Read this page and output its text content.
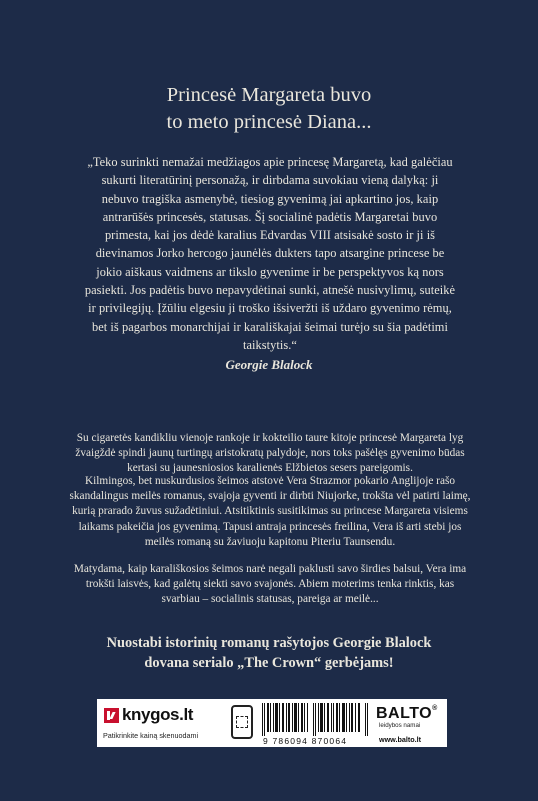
Princesė Margareta buvo
to meto princesė Diana...
„Teko surinkti nemažai medžiagos apie princesę Margaretą, kad galėčiau sukurti literatūrinį personažą, ir dirbdama suvokiau vieną dalyką: ji nebuvo tragiška asmenybė, tiesiog gyvenimą jai apkartino jos, kaip antrarūšės princesės, statusas. Šį socialinė padėtis Margaretai buvo primesta, kai jos dėdė karalius Edvardas VIII atsisakė sosto ir ji iš dievinamos Jorko hercogo jaunėlės dukters tapo atsargine princese be jokio aiškaus vaidmens ar tikslo gyvenime ir be perspektyvos ką nors pasiekti. Jos padėtis buvo nepavydėtinai sunki, atnešė nusivylimų, suteikė ir privilegijų. Įžūliu elgesiu ji troško išsiveržti iš uždaro gyvenimo rėmų, bet iš pagarbos monarchijai ir karališkajai šeimai turėjo su šia padėtimi taikstytis.“
Georgie Blalock
Su cigaretės kandikliu vienoje rankoje ir kokteilio taure kitoje princesė Margareta lyg žvaigždė spindi jaunų turtingų aristokratų palydoje, nors toks pašėlęs gyvenimo būdas kertasi su jaunesniosios karalienės Elžbietos sesers pareigomis.
Kilmingos, bet nuskurdusios šeimos atstovė Vera Strazmor pokario Anglijoje rašo skandalingus meilės romanus, svajoja gyventi ir dirbti Niujorke, trokšta vėl patirti laimę, kurią prarado žuvus sužadėtiniui. Atsitiktinis susitikimas su princese Margareta visiems laikams pakeičia jos gyvenimą. Tapusi antraja princesės freilina, Vera iš arti stebi jos meilės romaną su žaviuoju kapitonu Piteriu Taunsendu.
Matydama, kaip karališkosios šeimos narė negali paklusti savo širdies balsui, Vera ima trokšti laisvės, kad galėtų siekti savo svajonės. Abiem moterims tenka rinktis, kas svarbiau – socialinis statusas, pareiga ar meilė...
Nuostabi istorinių romanų rašytojos Georgie Blalock
dovana serialo „The Crown“ gerbėjams!
knygos.lt
Patikrinkite kainą skenuodami
9 786094 870064
BALTO®
leidybos namai
www.balto.lt
